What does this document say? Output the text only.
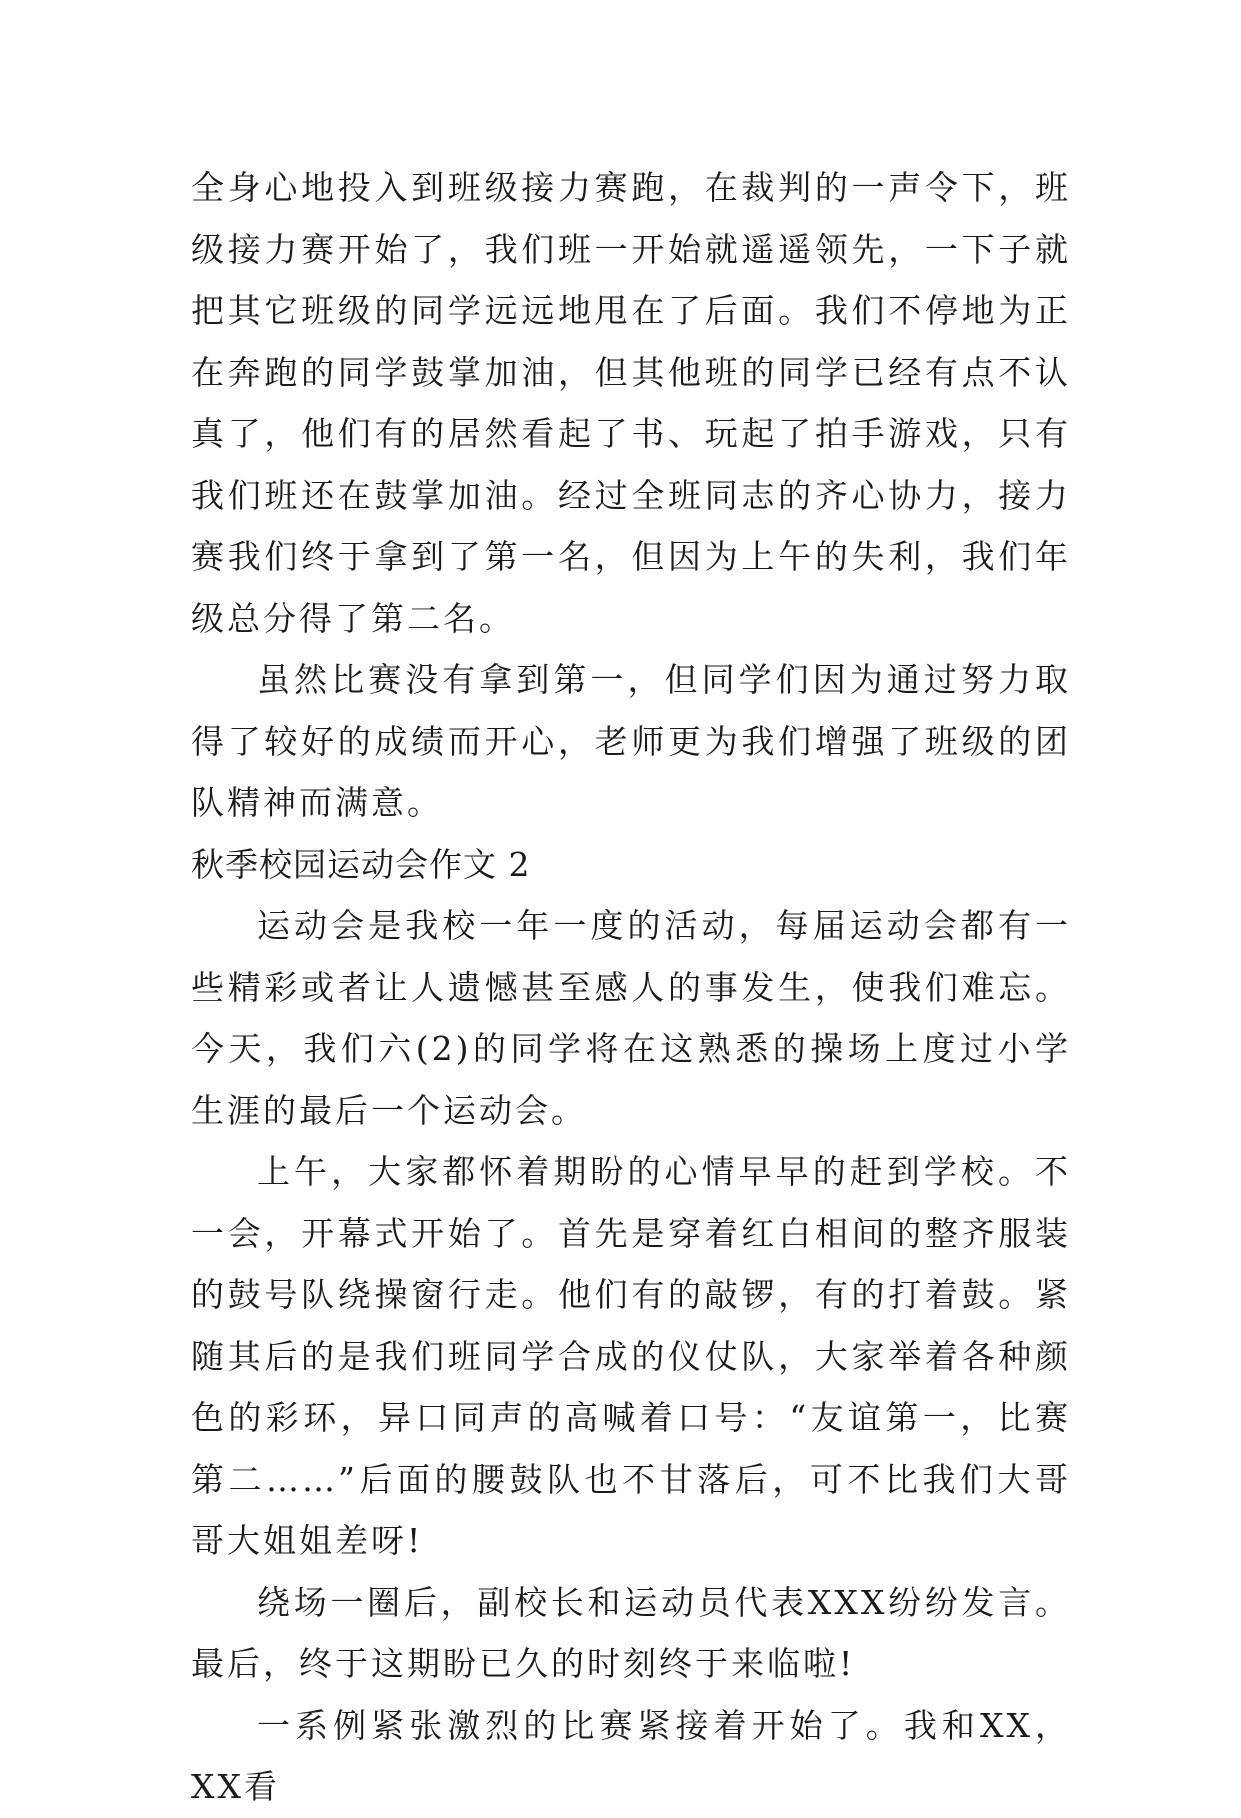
全身心地投入到班级接力赛跑，在裁判的一声令下，班级接力赛开始了，我们班一开始就遥遥领先，一下子就把其它班级的同学远远地甩在了后面。我们不停地为正在奔跑的同学鼓掌加油，但其他班的同学已经有点不认真了，他们有的居然看起了书、玩起了拍手游戏，只有我们班还在鼓掌加油。经过全班同志的齐心协力，接力赛我们终于拿到了第一名，但因为上午的失利，我们年级总分得了第二名。

虽然比赛没有拿到第一，但同学们因为通过努力取得了较好的成绩而开心，老师更为我们增强了班级的团队精神而满意。

秋季校园运动会作文 2

运动会是我校一年一度的活动，每届运动会都有一些精彩或者让人遗憾甚至感人的事发生，使我们难忘。今天，我们六(2)的同学将在这熟悉的操场上度过小学生涯的最后一个运动会。

上午，大家都怀着期盼的心情早早的赶到学校。不一会，开幕式开始了。首先是穿着红白相间的整齐服装的鼓号队绕操窗行走。他们有的敲锣，有的打着鼓。紧随其后的是我们班同学合成的仪仗队，大家举着各种颜色的彩环，异口同声的高喊着口号：“友谊第一，比赛第二……”后面的腰鼓队也不甘落后，可不比我们大哥哥大姐姐差呀!

绕场一圈后，副校长和运动员代表XXX纷纷发言。最后，终于这期盼已久的时刻终于来临啦!

一系例紧张激烈的比赛紧接着开始了。我和XX，XX看
